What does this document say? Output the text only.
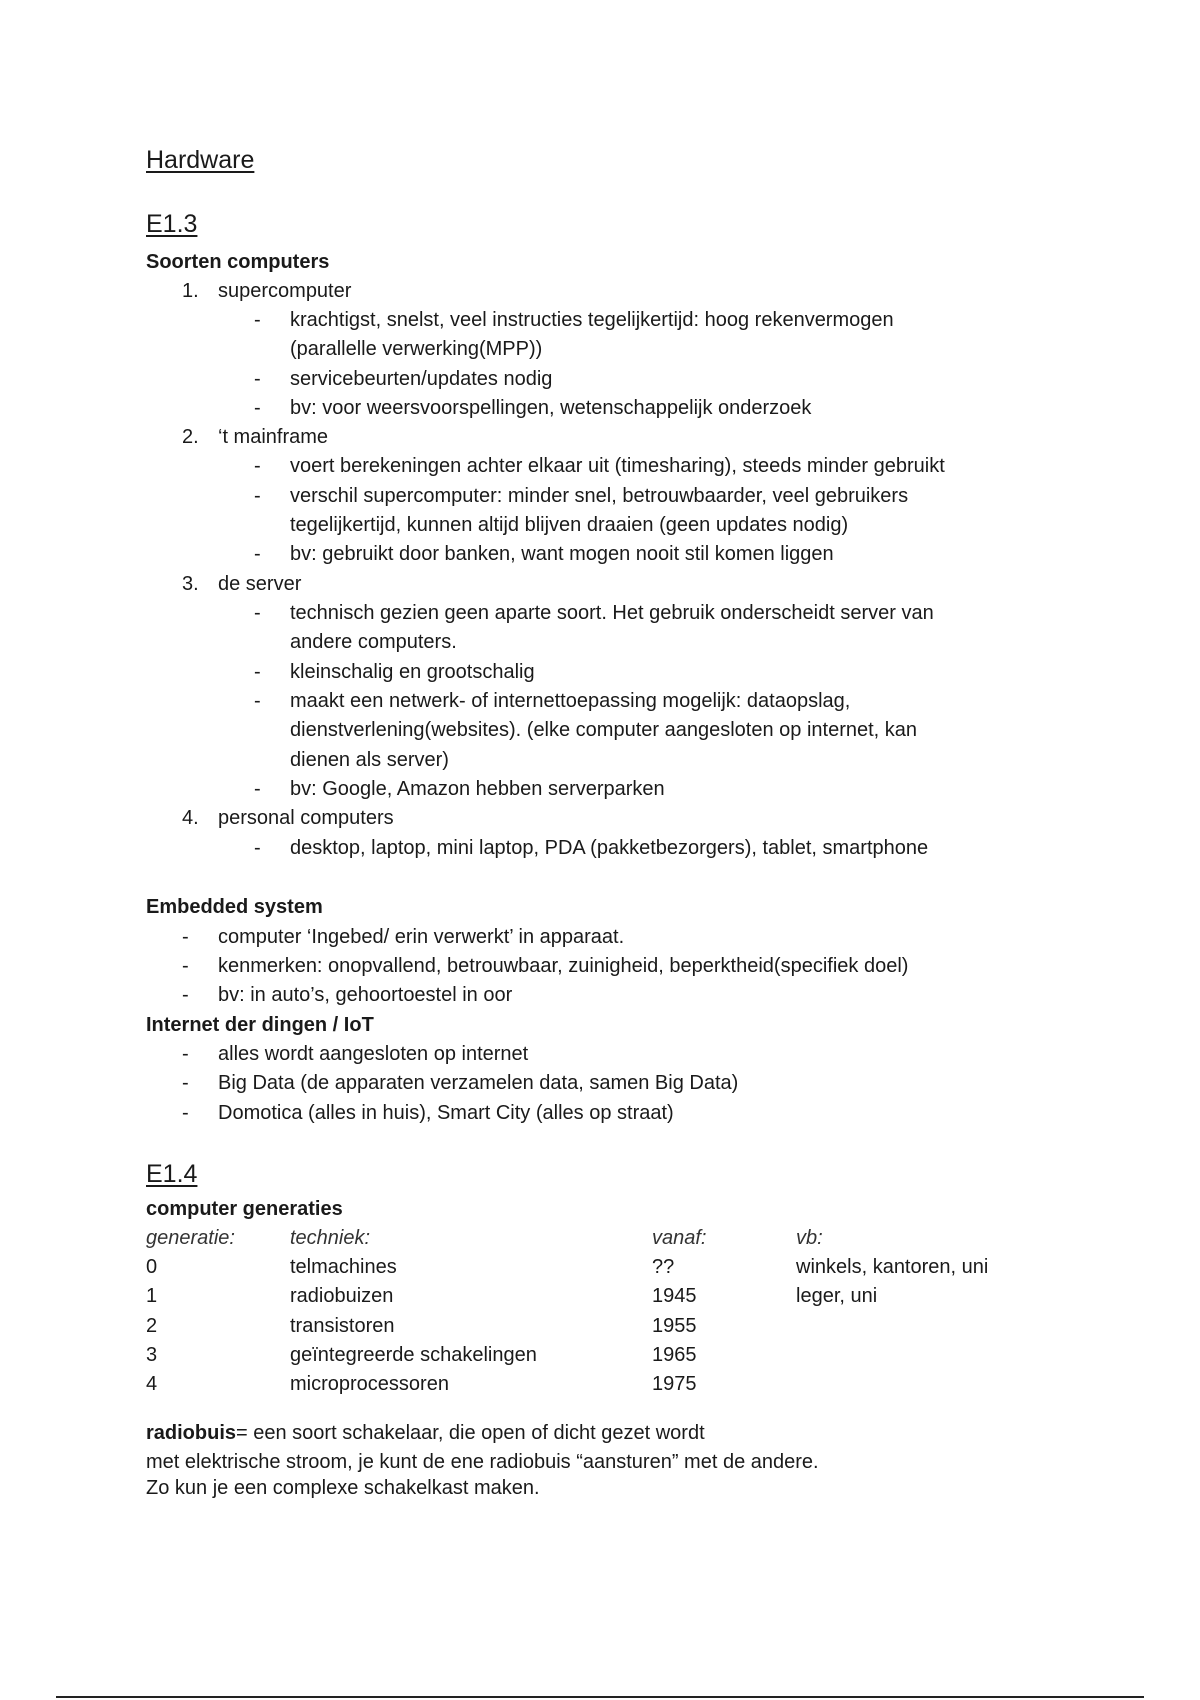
Hardware
E1.3
Soorten computers
1. supercomputer
- krachtigst, snelst, veel instructies tegelijkertijd: hoog rekenvermogen
(parallelle verwerking(MPP))
- servicebeurten/updates nodig
- bv: voor weersvoorspellingen, wetenschappelijk onderzoek
2. ‘t mainframe
- voert berekeningen achter elkaar uit (timesharing), steeds minder gebruikt
- verschil supercomputer: minder snel, betrouwbaarder, veel gebruikers
tegelijkertijd, kunnen altijd blijven draaien (geen updates nodig)
- bv: gebruikt door banken, want mogen nooit stil komen liggen
3. de server
- technisch gezien geen aparte soort. Het gebruik onderscheidt server van
andere computers.
- kleinschalig en grootschalig
- maakt een netwerk- of internettoepassing mogelijk: dataopslag,
dienstverlening(websites). (elke computer aangesloten op internet, kan
dienen als server)
- bv: Google, Amazon hebben serverparken
4. personal computers
- desktop, laptop, mini laptop, PDA (pakketbezorgers), tablet, smartphone
Embedded system
- computer ‘Ingebed/ erin verwerkt’ in apparaat.
- kenmerken: onopvallend, betrouwbaar, zuinigheid, beperktheid(specifiek doel)
- bv: in auto’s, gehoortoestel in oor
Internet der dingen / IoT
- alles wordt aangesloten op internet
- Big Data (de apparaten verzamelen data, samen Big Data)
- Domotica (alles in huis), Smart City (alles op straat)
E1.4
computer generaties
generatie:	techniek:	vanaf:	vb:
0	telmachines	??	winkels, kantoren, uni
1	radiobuizen	1945	leger, uni
2	transistoren	1955
3	geïntegreerde schakelingen	1965
4	microprocessoren	1975
radiobuis= een soort schakelaar, die open of dicht gezet wordt
met elektrische stroom, je kunt de ene radiobuis “aansturen” met de andere.
Zo kun je een complexe schakelkast maken.
